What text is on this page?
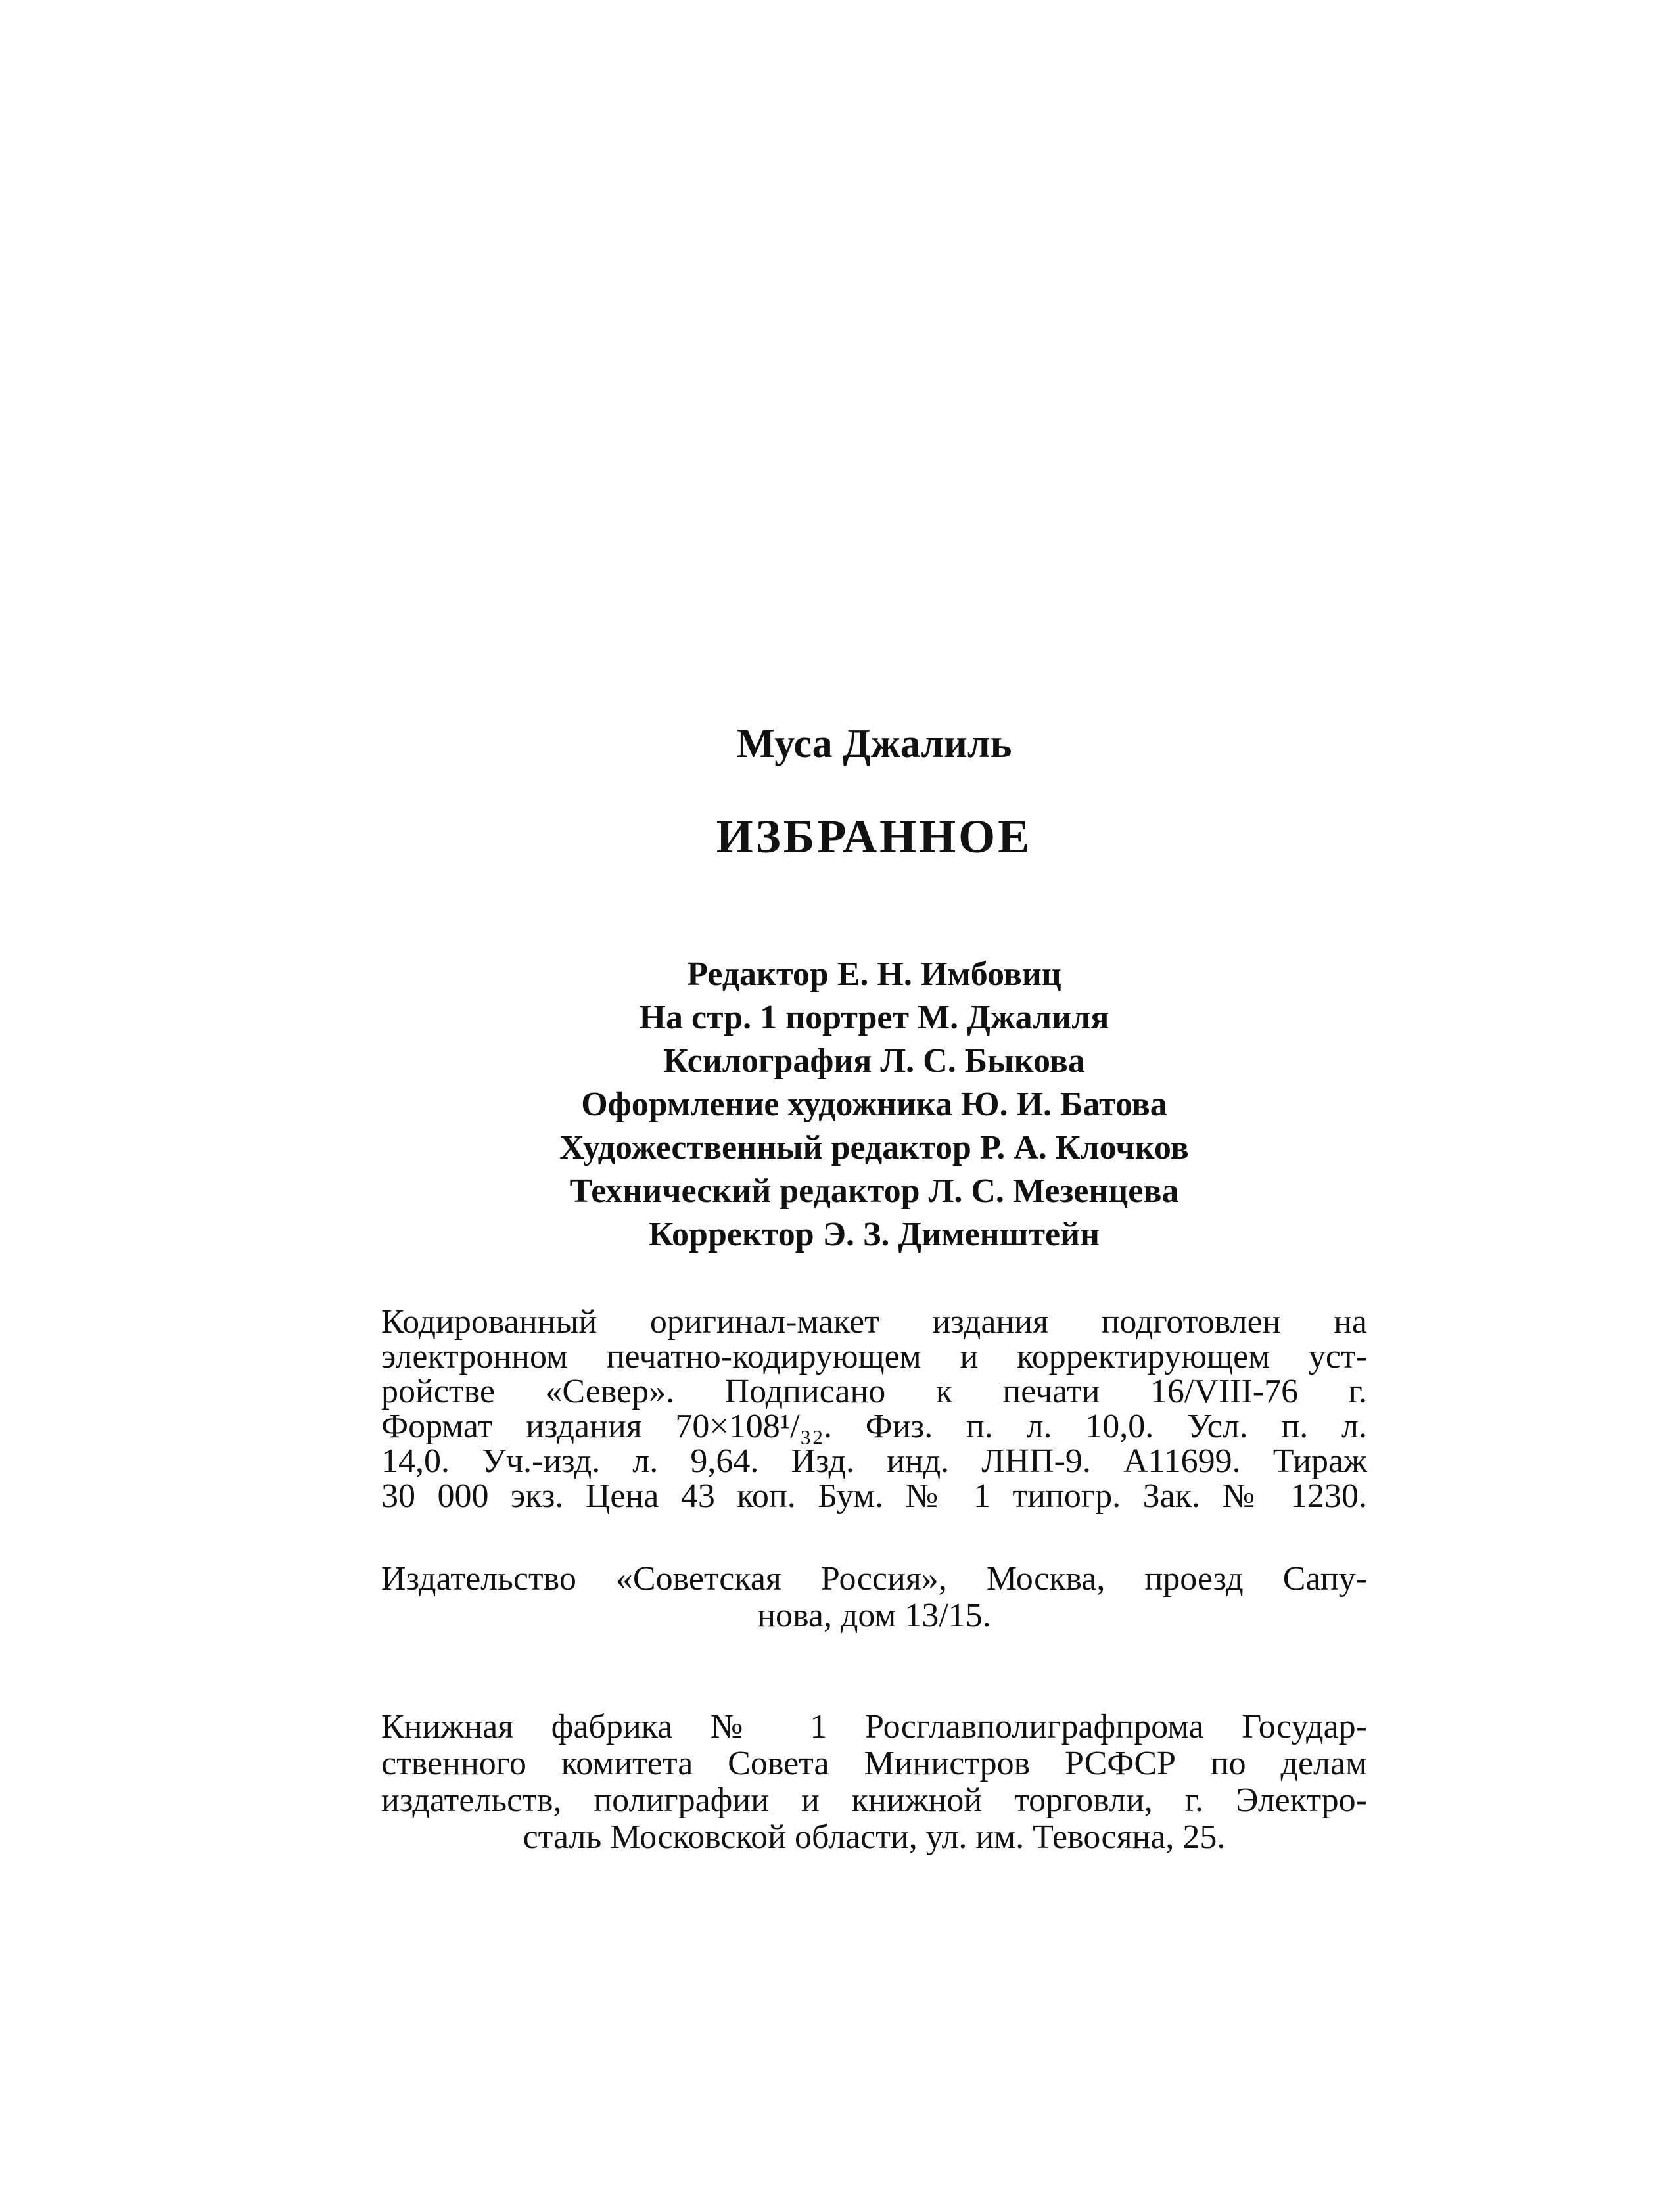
Муса Джалиль
ИЗБРАННОЕ
Редактор Е. Н. Имбовиц
На стр. 1 портрет М. Джалиля
Ксилография Л. С. Быкова
Оформление художника Ю. И. Батова
Художественный редактор Р. А. Клочков
Технический редактор Л. С. Мезенцева
Корректор Э. З. Дименштейн
Кодированный оригинал-макет издания подготовлен на
электронном печатно-кодирующем и корректирующем уст-
ройстве «Север». Подписано к печати 16/VIII-76 г.
Формат издания 70×108¹/₃₂. Физ. п. л. 10,0. Усл. п. л.
14,0. Уч.-изд. л. 9,64. Изд. инд. ЛНП-9. А11699. Тираж
30 000 экз. Цена 43 коп. Бум. № 1 типогр. Зак. № 1230.
Издательство «Советская Россия», Москва, проезд Сапу-
нова, дом 13/15.
Книжная фабрика № 1 Росглавполиграфпрома Государ-
ственного комитета Совета Министров РСФСР по делам
издательств, полиграфии и книжной торговли, г. Электро-
сталь Московской области, ул. им. Тевосяна, 25.
